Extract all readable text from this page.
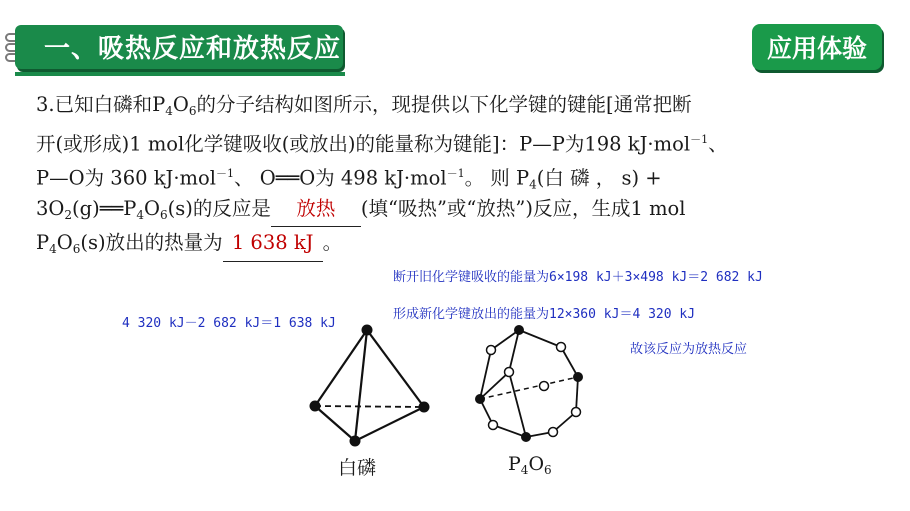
一、吸热反应和放热反应	应用体验
3.已知白磷和$P_4O_6$的分子结构如图所示，现提供以下化学键的键能[通常把断
开(或形成)1 mol化学键吸收(或放出)的能量称为键能]：P—P为198 kJ·mol$^{-1}$、
P—O为 360 kJ·mol$^{-1}$、 O══O为 498 kJ·mol$^{-1}$。 则 $P_4$(白 磷 ， s) +
$3O_2(g)══P_4O_6(s)$的反应是 放热 (填“吸热”或“放热”)反应，生成1 mol
$P_4O_6(s)$放出的热量为 1 638 kJ 。
断开旧化学键吸收的能量为6×198 kJ＋3×498 kJ＝2 682 kJ
形成新化学键放出的能量为12×360 kJ＝4 320 kJ
故该反应为放热反应
4 320 kJ－2 682 kJ＝1 638 kJ
白磷	$P_4O_6$
